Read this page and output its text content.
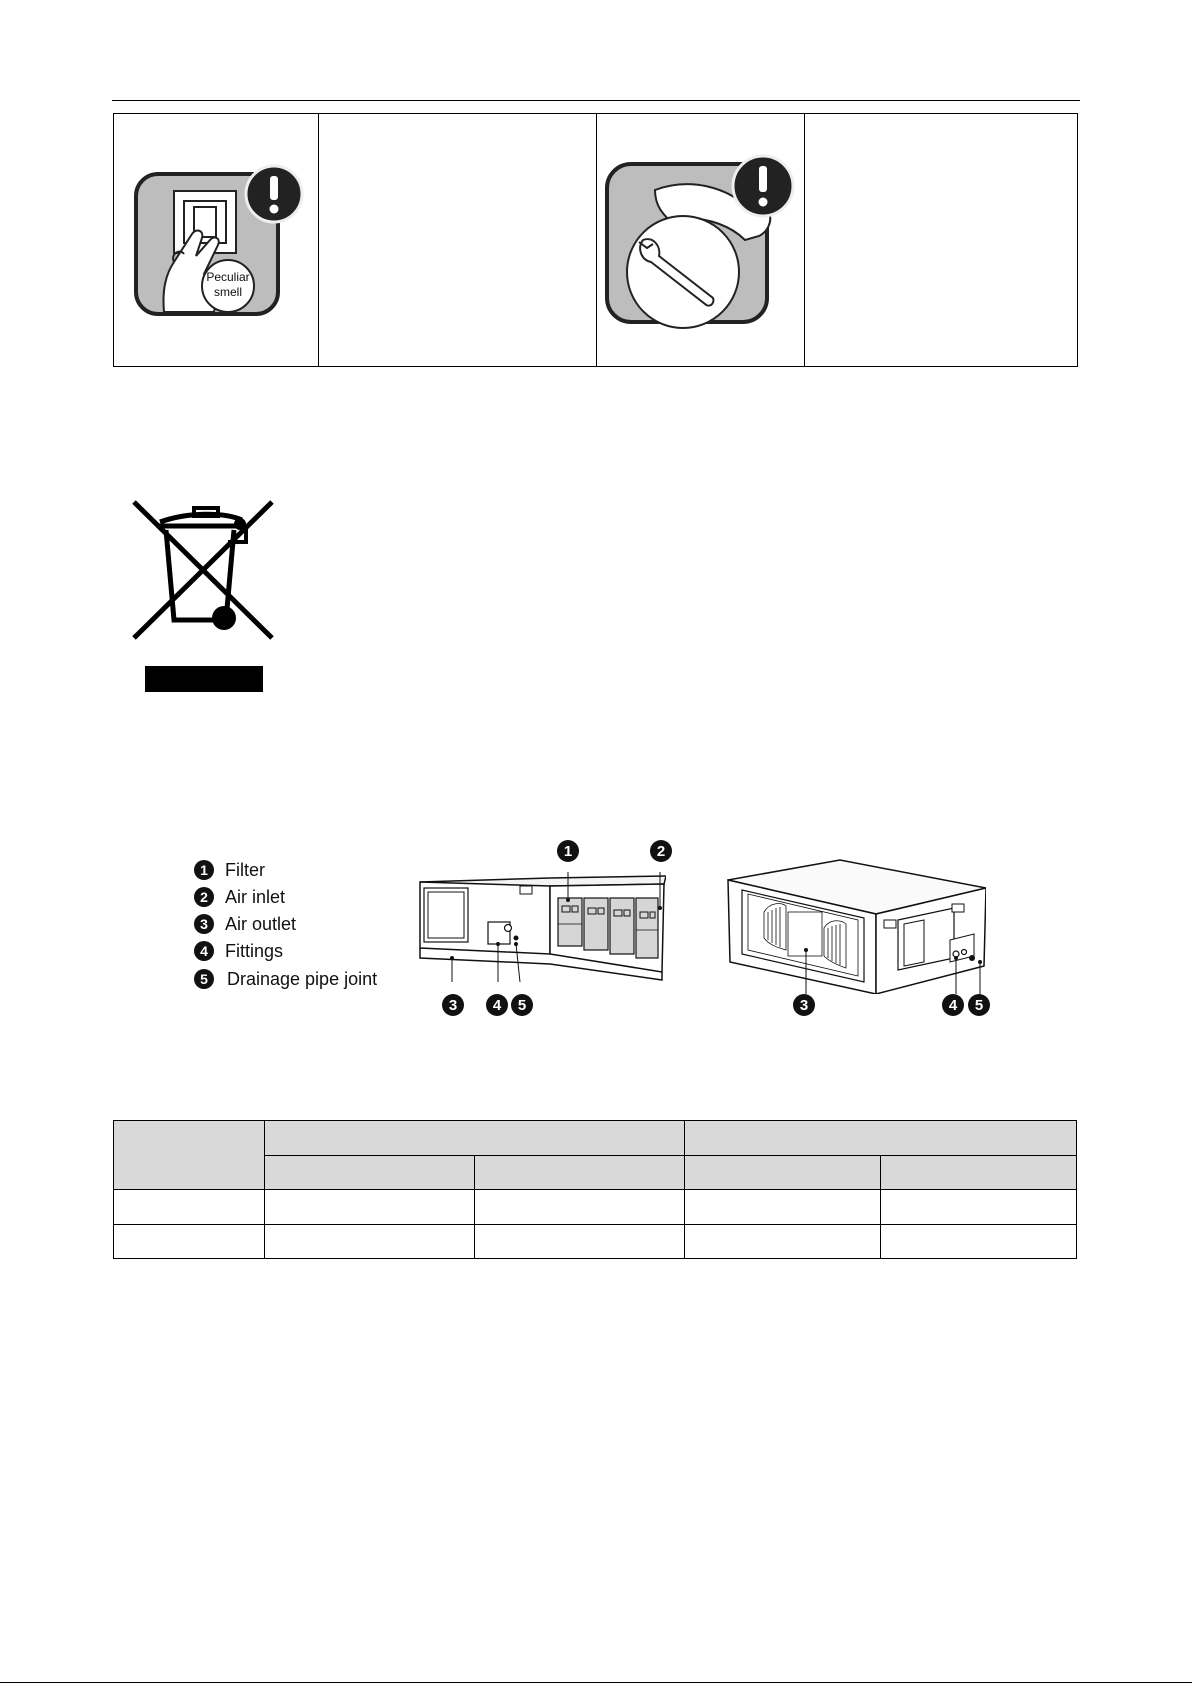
Peculiar
smell

1 Filter
2 Air inlet
3 Air outlet
4 Fittings
5	Drainage pipe joint
1	2
3	4	5	3	4	5
